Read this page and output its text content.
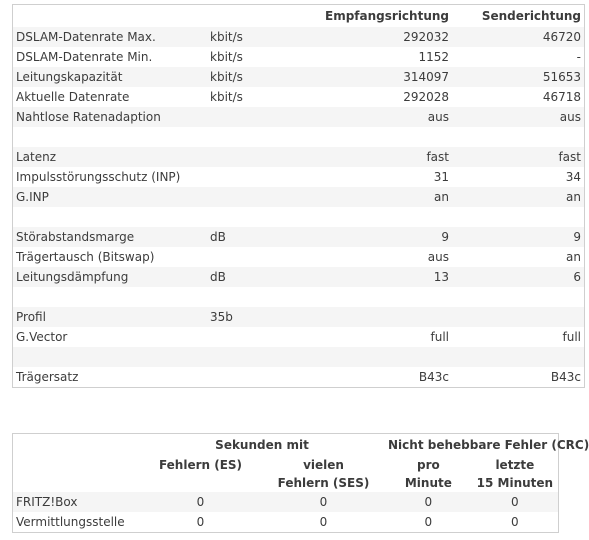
		Empfangsrichtung	Senderichtung
DSLAM-Datenrate Max.	kbit/s	292032	46720
DSLAM-Datenrate Min.	kbit/s	1152	-
Leitungskapazität	kbit/s	314097	51653
Aktuelle Datenrate	kbit/s	292028	46718
Nahtlose Ratenadaption		aus	aus

Latenz		fast	fast
Impulsstörungsschutz (INP)		31	34
G.INP		an	an

Störabstandsmarge	dB	9	9
Trägertausch (Bitswap)		aus	an
Leitungsdämpfung	dB	13	6

Profil	35b		
G.Vector		full	full

Trägersatz		B43c	B43c
	Sekunden mit		Nicht behebbare Fehler (CRC)	
	Fehlern (ES)	vielen	pro	letzte
		Fehlern (SES)	Minute	15 Minuten
FRITZ!Box	0	0	0	0
Vermittlungsstelle	0	0	0	0
